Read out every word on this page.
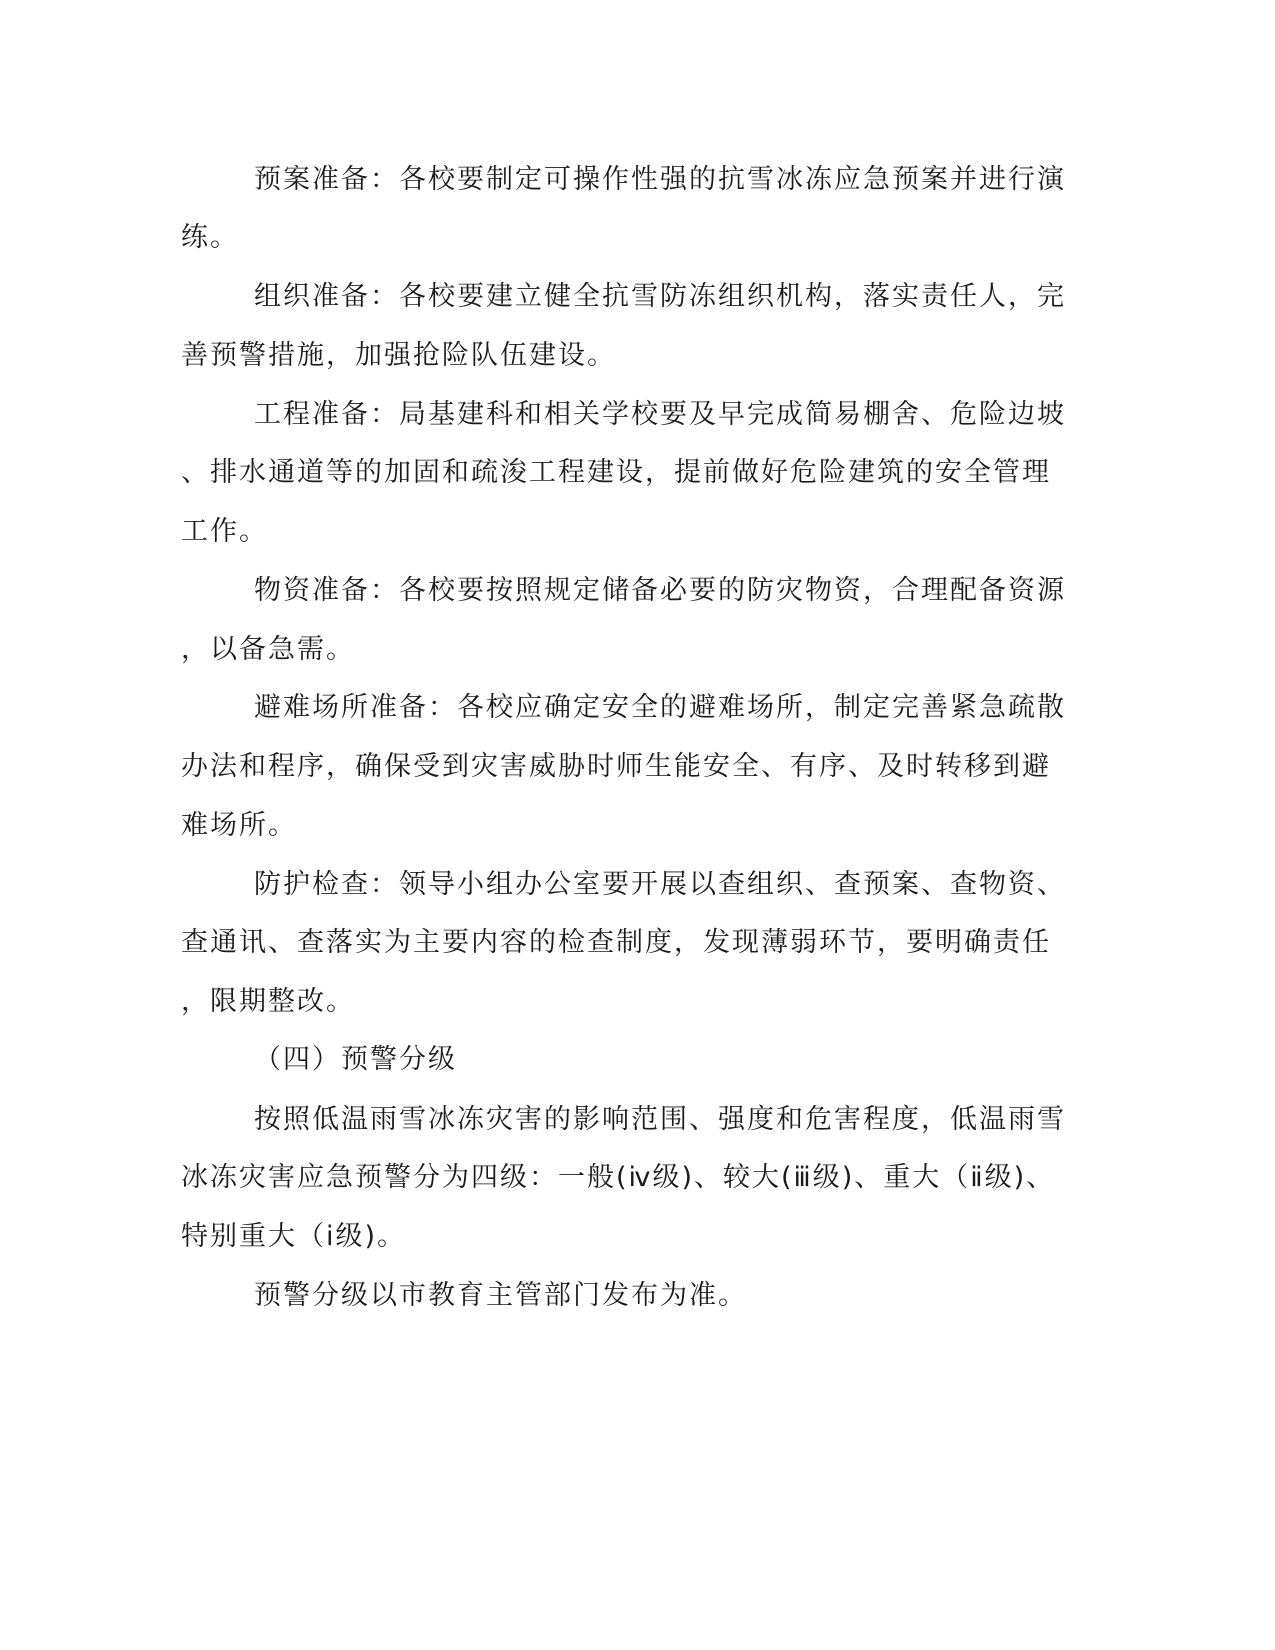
预案准备：各校要制定可操作性强的抗雪冰冻应急预案并进行演
练。
组织准备：各校要建立健全抗雪防冻组织机构，落实责任人，完
善预警措施，加强抢险队伍建设。
工程准备：局基建科和相关学校要及早完成简易棚舍、危险边坡
、排水通道等的加固和疏浚工程建设，提前做好危险建筑的安全管理
工作。
物资准备：各校要按照规定储备必要的防灾物资，合理配备资源
，以备急需。
避难场所准备：各校应确定安全的避难场所，制定完善紧急疏散
办法和程序，确保受到灾害威胁时师生能安全、有序、及时转移到避
难场所。
防护检查：领导小组办公室要开展以查组织、查预案、查物资、
查通讯、查落实为主要内容的检查制度，发现薄弱环节，要明确责任
，限期整改。
（四）预警分级
按照低温雨雪冰冻灾害的影响范围、强度和危害程度，低温雨雪
冰冻灾害应急预警分为四级：一般(ⅳ级)、较大(ⅲ级)、重大（ⅱ级)、
特别重大（ⅰ级)。
预警分级以市教育主管部门发布为准。
